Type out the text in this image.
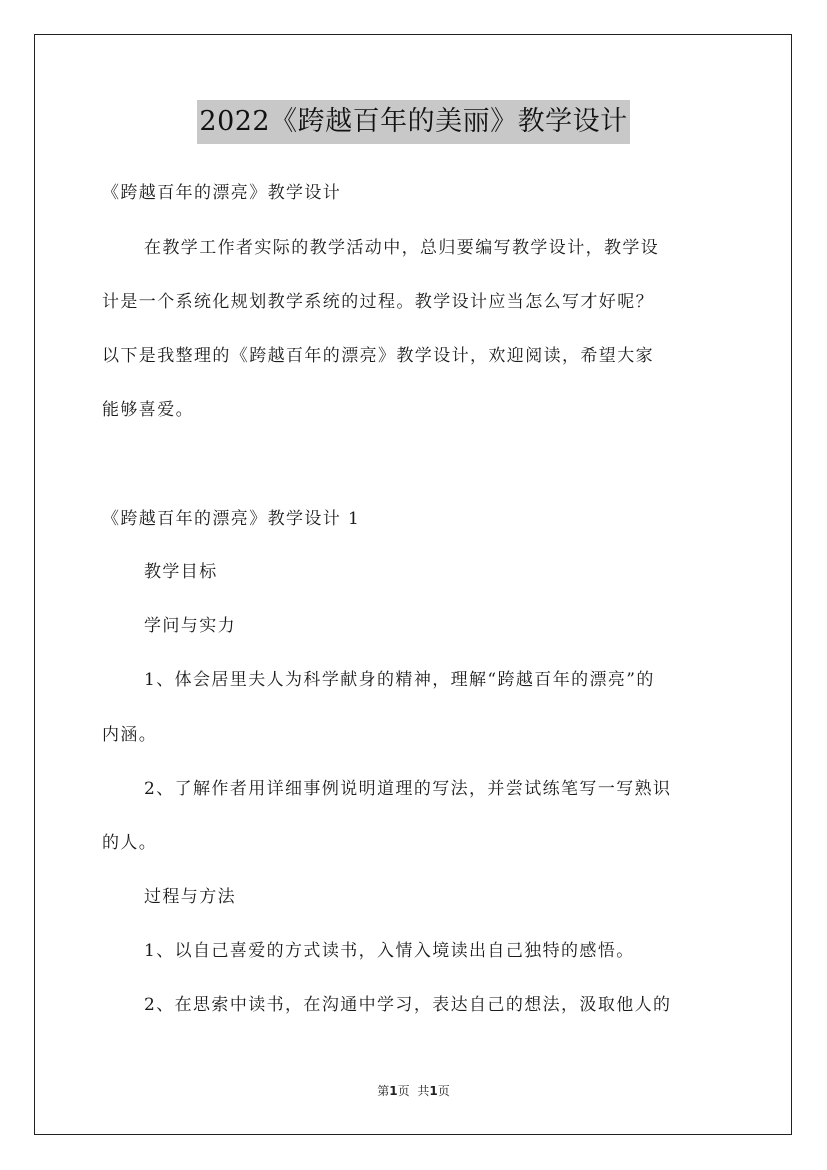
2022《跨越百年的美丽》教学设计
《跨越百年的漂亮》教学设计
在教学工作者实际的教学活动中，总归要编写教学设计，教学设
计是一个系统化规划教学系统的过程。教学设计应当怎么写才好呢？
以下是我整理的《跨越百年的漂亮》教学设计，欢迎阅读，希望大家
能够喜爱。
《跨越百年的漂亮》教学设计 1
教学目标
学问与实力
1、体会居里夫人为科学献身的精神，理解“跨越百年的漂亮”的
内涵。
2、了解作者用详细事例说明道理的写法，并尝试练笔写一写熟识
的人。
过程与方法
1、以自己喜爱的方式读书，入情入境读出自己独特的感悟。
2、在思索中读书，在沟通中学习，表达自己的想法，汲取他人的
第1页 共1页
